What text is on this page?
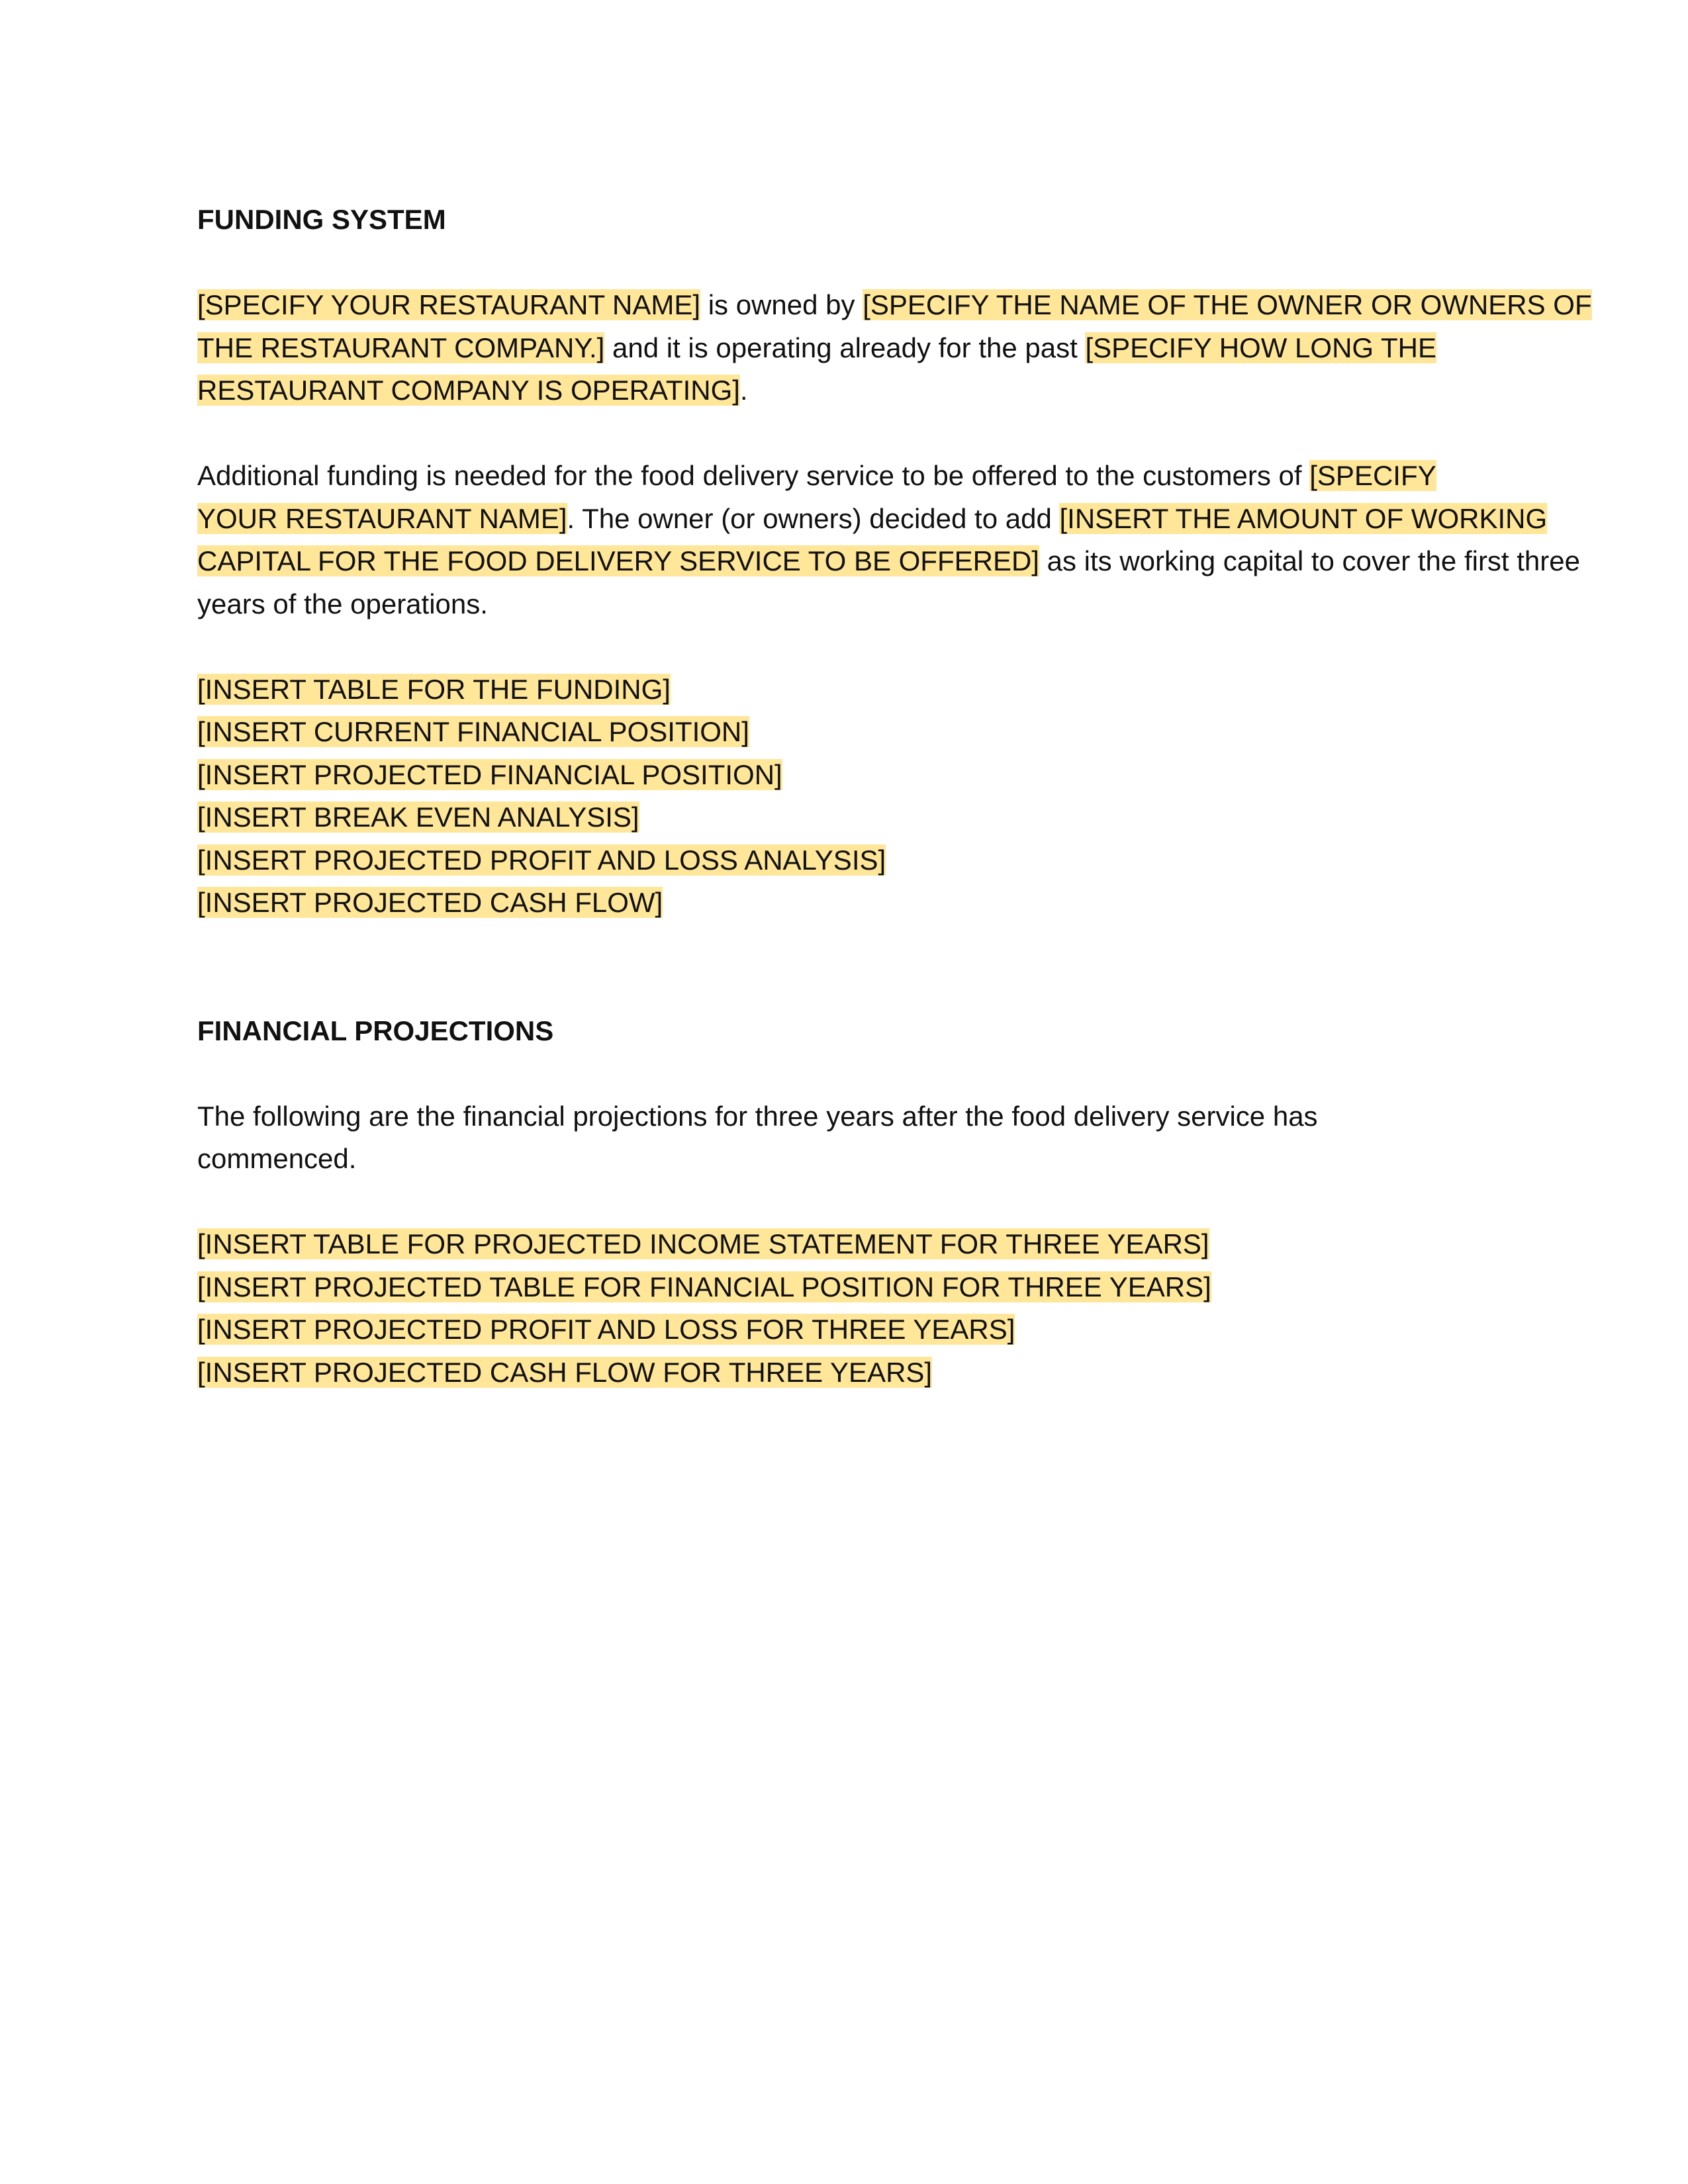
FUNDING SYSTEM
[SPECIFY YOUR RESTAURANT NAME] is owned by [SPECIFY THE NAME OF THE OWNER OR OWNERS OF
THE RESTAURANT COMPANY.] and it is operating already for the past [SPECIFY HOW LONG THE
RESTAURANT COMPANY IS OPERATING].
Additional funding is needed for the food delivery service to be offered to the customers of [SPECIFY
YOUR RESTAURANT NAME]. The owner (or owners) decided to add [INSERT THE AMOUNT OF WORKING
CAPITAL FOR THE FOOD DELIVERY SERVICE TO BE OFFERED] as its working capital to cover the first three
years of the operations.
[INSERT TABLE FOR THE FUNDING]
[INSERT CURRENT FINANCIAL POSITION]
[INSERT PROJECTED FINANCIAL POSITION]
[INSERT BREAK EVEN ANALYSIS]
[INSERT PROJECTED PROFIT AND LOSS ANALYSIS]
[INSERT PROJECTED CASH FLOW]
FINANCIAL PROJECTIONS
The following are the financial projections for three years after the food delivery service has
commenced.
[INSERT TABLE FOR PROJECTED INCOME STATEMENT FOR THREE YEARS]
[INSERT PROJECTED TABLE FOR FINANCIAL POSITION FOR THREE YEARS]
[INSERT PROJECTED PROFIT AND LOSS FOR THREE YEARS]
[INSERT PROJECTED CASH FLOW FOR THREE YEARS]
